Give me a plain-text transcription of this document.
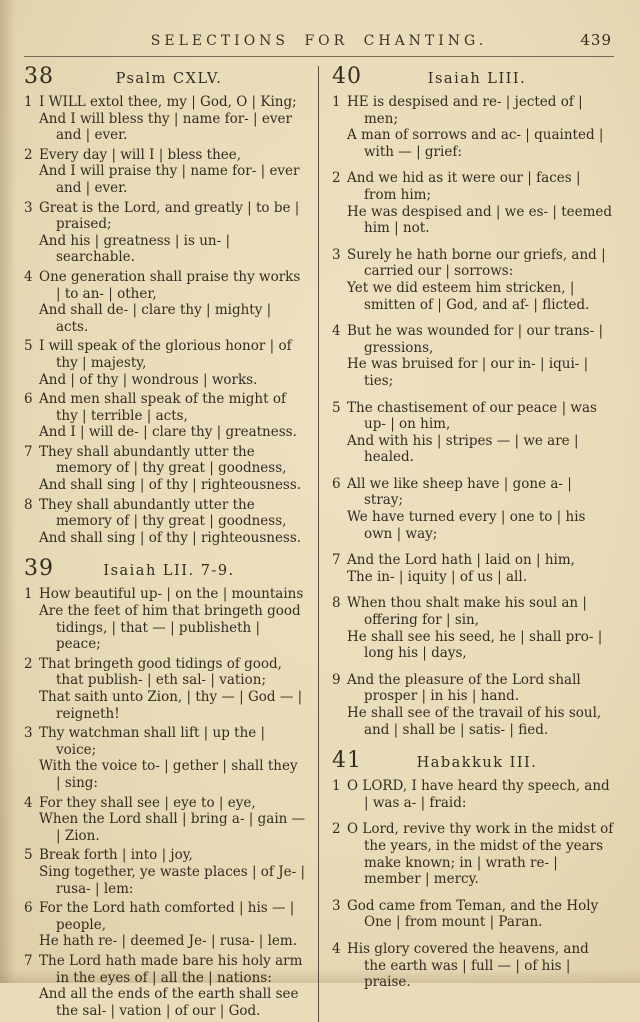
SELECTIONS FOR CHANTING.	439
38	Psalm CXLV.
1 I WILL extol thee, my | God, O | King;
And I will bless thy | name for- | ever and | ever.
2 Every day | will I | bless thee,
And I will praise thy | name for- | ever and | ever.
3 Great is the Lord, and greatly | to be | praised;
And his | greatness | is un- | searchable.
4 One generation shall praise thy works | to an- | other,
And shall de- | clare thy | mighty | acts.
5 I will speak of the glorious honor | of thy | majesty,
And | of thy | wondrous | works.
6 And men shall speak of the might of thy | terrible | acts,
And I | will de- | clare thy | greatness.
7 They shall abundantly utter the memory of | thy great | goodness,
And shall sing | of thy | righteousness.
8 They shall abundantly utter the memory of | thy great | goodness,
And shall sing | of thy | righteousness.
39	Isaiah LII. 7-9.
1 How beautiful up- | on the | mountains
Are the feet of him that bringeth good tidings, | that — | publisheth | peace;
2 That bringeth good tidings of good, that publish- | eth sal- | vation;
That saith unto Zion, | thy — | God — | reigneth!
3 Thy watchman shall lift | up the | voice;
With the voice to- | gether | shall they | sing:
4 For they shall see | eye to | eye,
When the Lord shall | bring a- | gain — | Zion.
5 Break forth | into | joy,
Sing together, ye waste places | of Je- | rusa- | lem:
6 For the Lord hath comforted | his — | people,
He hath re- | deemed Je- | rusa- | lem.
7 The Lord hath made bare his holy arm in the eyes of | all the | nations:
And all the ends of the earth shall see the sal- | vation | of our | God.
40	Isaiah LIII.
1 HE is despised and re- | jected of | men;
A man of sorrows and ac- | quainted | with — | grief:
2 And we hid as it were our | faces | from him;
He was despised and | we es- | teemed him | not.
3 Surely he hath borne our griefs, and | carried our | sorrows:
Yet we did esteem him stricken, | smitten of | God, and af- | flicted.
4 But he was wounded for | our trans- | gressions,
He was bruised for | our in- | iqui- | ties;
5 The chastisement of our peace | was up- | on him,
And with his | stripes — | we are | healed.
6 All we like sheep have | gone a- | stray;
We have turned every | one to | his own | way;
7 And the Lord hath | laid on | him,
The in- | iquity | of us | all.
8 When thou shalt make his soul an | offering for | sin,
He shall see his seed, he | shall pro- | long his | days,
9 And the pleasure of the Lord shall prosper | in his | hand.
He shall see of the travail of his soul, and | shall be | satis- | fied.
41	Habakkuk III.
1 O LORD, I have heard thy speech, and | was a- | fraid:
2 O Lord, revive thy work in the midst of the years, in the midst of the years make known; in | wrath re- | member | mercy.
3 God came from Teman, and the Holy One | from mount | Paran.
4 His glory covered the heavens, and the earth was | full — | of his | praise.
